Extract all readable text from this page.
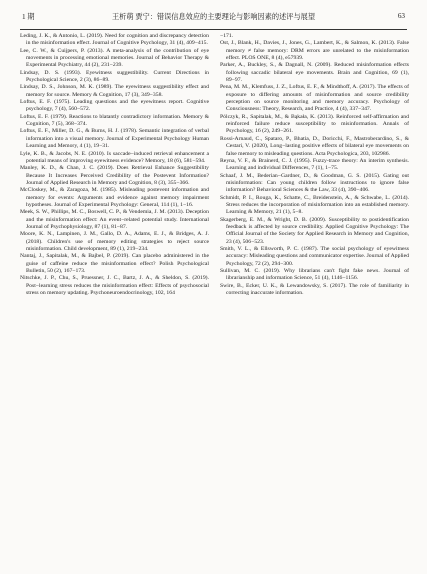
1 期	王析萌 贾宁：错误信息效应的主要理论与影响因素的述评与展望	63

Leding, J. K., & Antonio, L. (2019). Need for cognition and discrepancy detection in the misinformation effect. Journal of Cognitive Psychology, 31 (4), 409−415.

Lee, C. W., & Cuijpers, P. (2013). A meta-analysis of the contribution of eye movements in processing emotional memories. Journal of Behavior Therapy & Experimental Psychiatry, 44 (2), 231−239.

Lindsay, D. S. (1993). Eyewitness suggestibility. Current Directions in Psychological Science, 2 (3), 86−89.

Lindsay, D. S., Johnson, M. K. (1989). The eyewitness suggestibility effect and memory for source. Memory & Cognition, 17 (3), 349−358.

Loftus, E. F. (1975). Leading questions and the eyewitness report. Cognitive psychology, 7 (4), 560−572.

Loftus, E. F. (1979). Reactions to blatantly contradictory information. Memory & Cognition, 7 (5), 368−374.

Loftus, E. F., Miller, D. G., & Burns, H. J. (1978). Semantic integration of verbal information into a visual memory. Journal of Experimental Psychology Human Learning and Memory, 4 (1), 19−31.

Lyle, K. B., & Jacobs, N. E. (2010). Is saccade−induced retrieval enhancement a potential means of improving eyewitness evidence? Memory, 18 (6), 581−594.

Manley, K. D., & Chan, J. C. (2019). Does Retrieval Enhance Suggestibility Because It Increases Perceived Credibility of the Postevent Information? Journal of Applied Research in Memory and Cognition, 8 (3), 355−366.

McCloskey, M., & Zaragoza, M. (1985). Misleading postevent information and memory for events: Arguments and evidence against memory impairment hypotheses. Journal of Experimental Psychology: General, 114 (1), 1−16.

Meek, S. W., Phillips, M. C., Boswell, C. P., & Vendemia, J. M. (2013). Deception and the misinformation effect: An event−related potential study. International Journal of Psychophysiology, 87 (1), 81−87.

Moore, K. N., Lampinen, J. M., Gallo, D. A., Adams, E. J., & Bridges, A. J. (2018). Children's use of memory editing strategies to reject source misinformation. Child development, 89 (1), 219−234.

Nantaj, J., Sapitalak, M., & Bajbel, P. (2019). Can placebo administered in the guise of caffeine reduce the misinformation effect? Polish Psychological Bulletin, 50 (2), 167−173.

Nitschke, J. P., Chu, S., Pruessner, J. C., Bartz, J. A., & Sheldon, S. (2019). Post−learning stress reduces the misinformation effect: Effects of psychosocial stress on memory updating. Psychoneuroendocrinology, 102, 164

−171.

Ost, J., Blank, H., Davies, J., Jones, G., Lambert, K., & Salmon, K. (2013). False memory ≠ false memory: DRM errors are unrelated to the misinformation effect. PLOS ONE, 8 (4), e57939.

Parker, A., Buckley, S., & Dagnall, N. (2009). Reduced misinformation effects following saccadic bilateral eye movements. Brain and Cognition, 69 (1), 89−97.

Pena, M. M., Klemfuss, J. Z., Loftus, E. F., & Mindthoff, A. (2017). The effects of exposure to differing amounts of misinformation and source credibility perception on source monitoring and memory accuracy. Psychology of Consciousness: Theory, Research, and Practice, 4 (4), 337−347.

Pólczyk, R., Sapitalak, M., & Bąkała, K. (2013). Reinforced self-affirmation and reinforced failure reduce susceptibility to misinformation. Annals of Psychology, 16 (2), 249−261.

Rossi-Arnaud, C., Spataro, P., Bhatia, D., Doricchi, F., Mastroberardino, S., & Cestari, V. (2020), Long−lasting positive effects of bilateral eye movements on false memory to misleading questions. Acta Psychologica, 203, 102986.

Reyna, V. F., & Brainerd, C. J. (1995). Fuzzy-trace theory: An interim synthesis. Learning and individual Differences, 7 (1), 1−75.

Schaaf, J. M., Bederian−Gardner, D., & Goodman, G. S. (2015). Gating out misinformation: Can young children follow instructions to ignore false information? Behavioral Sciences & the Law, 33 (4), 390−406.

Schmidt, P. I., Rouga, K., Schatte, C., Breidenstein, A., & Schwabe, L. (2014). Stress reduces the incorporation of misinformation into an established memory. Learning & Memory, 21 (1), 5−8.

Skagerberg, E. M., & Wright, D. B. (2009). Susceptibility to postidentification feedback is affected by source credibility. Applied Cognitive Psychology: The Official Journal of the Society for Applied Research in Memory and Cognition, 23 (4), 506−523.

Smith, V. L., & Ellsworth, P. C. (1987). The social psychology of eyewitness accuracy: Misleading questions and communicator expertise. Journal of Applied Psychology, 72 (2), 294−300.

Sullivan, M. C. (2019). Why librarians can't fight fake news. Journal of librarianship and information Science, 51 (4), 1146−1156.

Swire, B., Ecker, U. K., & Lewandowsky, S. (2017). The role of familiarity in correcting inaccurate information.
